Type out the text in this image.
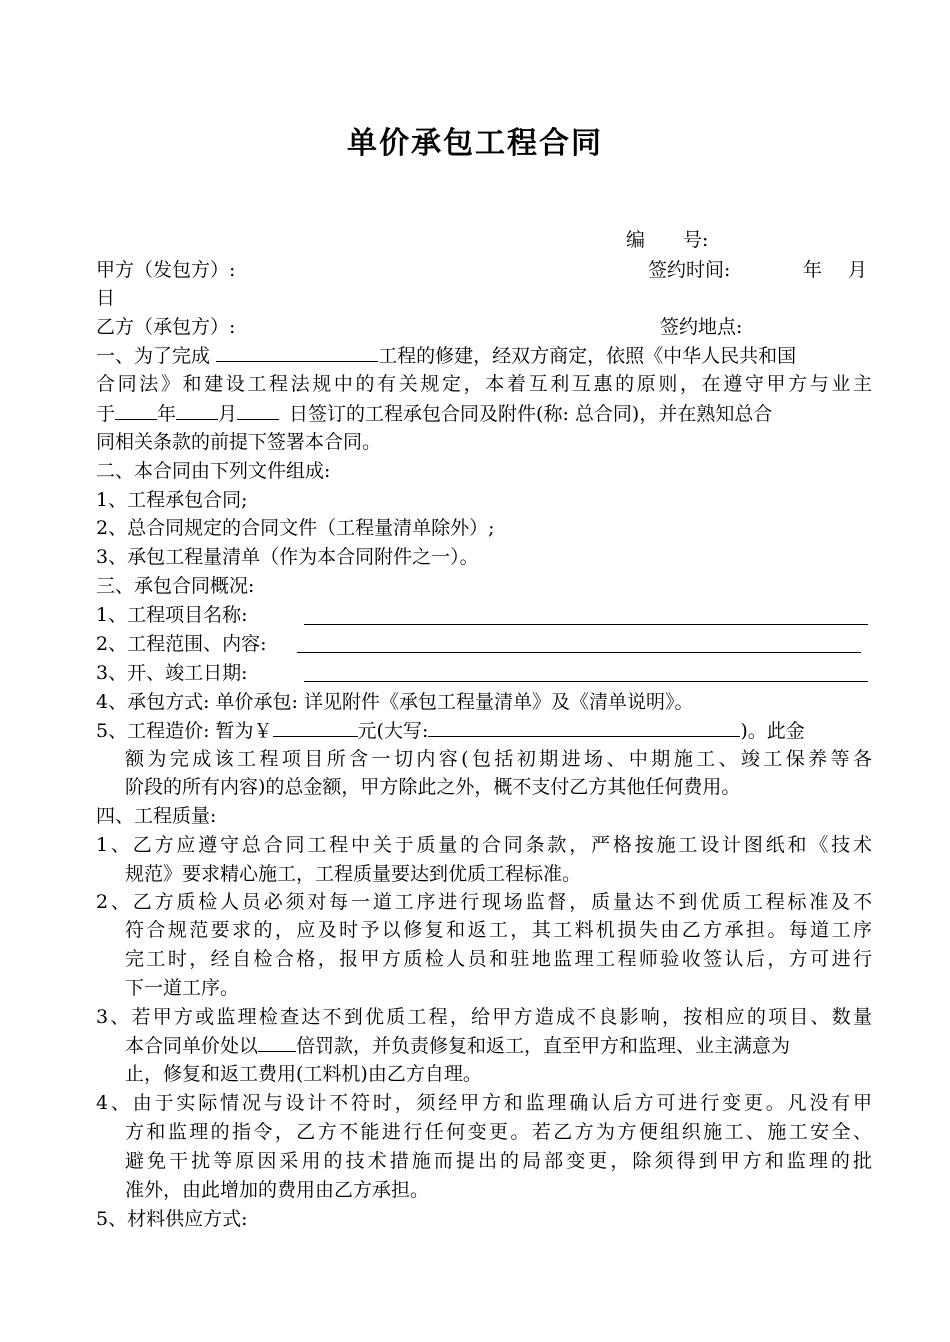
单价承包工程合同
编　　号:
甲方（发包方）:	签约时间:	年 月
日
乙方（承包方）:	签约地点:
一、为了完成	工程的修建，经双方商定，依照《中华人民共和国
合同法》和建设工程法规中的有关规定，本着互利互惠的原则，在遵守甲方与业主
于 年 月	日签订的工程承包合同及附件(称: 总合同)，并在熟知总合
同相关条款的前提下签署本合同。
二、本合同由下列文件组成:
1、工程承包合同;
2、总合同规定的合同文件（工程量清单除外）;
3、承包工程量清单（作为本合同附件之一）。
三、承包合同概况:
1、工程项目名称:
2、工程范围、内容:
3、开、竣工日期:
4、承包方式: 单价承包: 详见附件《承包工程量清单》及《清单说明》。
5、工程造价: 暂为￥	元(大写:	)。此金
额为完成该工程项目所含一切内容(包括初期进场、中期施工、竣工保养等各
阶段的所有内容)的总金额，甲方除此之外，概不支付乙方其他任何费用。
四、工程质量:
1、乙方应遵守总合同工程中关于质量的合同条款，严格按施工设计图纸和《技术
规范》要求精心施工，工程质量要达到优质工程标准。
2、乙方质检人员必须对每一道工序进行现场监督，质量达不到优质工程标准及不
符合规范要求的，应及时予以修复和返工，其工料机损失由乙方承担。每道工序
完工时，经自检合格，报甲方质检人员和驻地监理工程师验收签认后，方可进行
下一道工序。
3、若甲方或监理检查达不到优质工程，给甲方造成不良影响，按相应的项目、数量
本合同单价处以 倍罚款，并负责修复和返工，直至甲方和监理、业主满意为
止，修复和返工费用(工料机)由乙方自理。
4、由于实际情况与设计不符时，须经甲方和监理确认后方可进行变更。凡没有甲
方和监理的指令，乙方不能进行任何变更。若乙方为方便组织施工、施工安全、
避免干扰等原因采用的技术措施而提出的局部变更，除须得到甲方和监理的批
准外，由此增加的费用由乙方承担。
5、材料供应方式:
